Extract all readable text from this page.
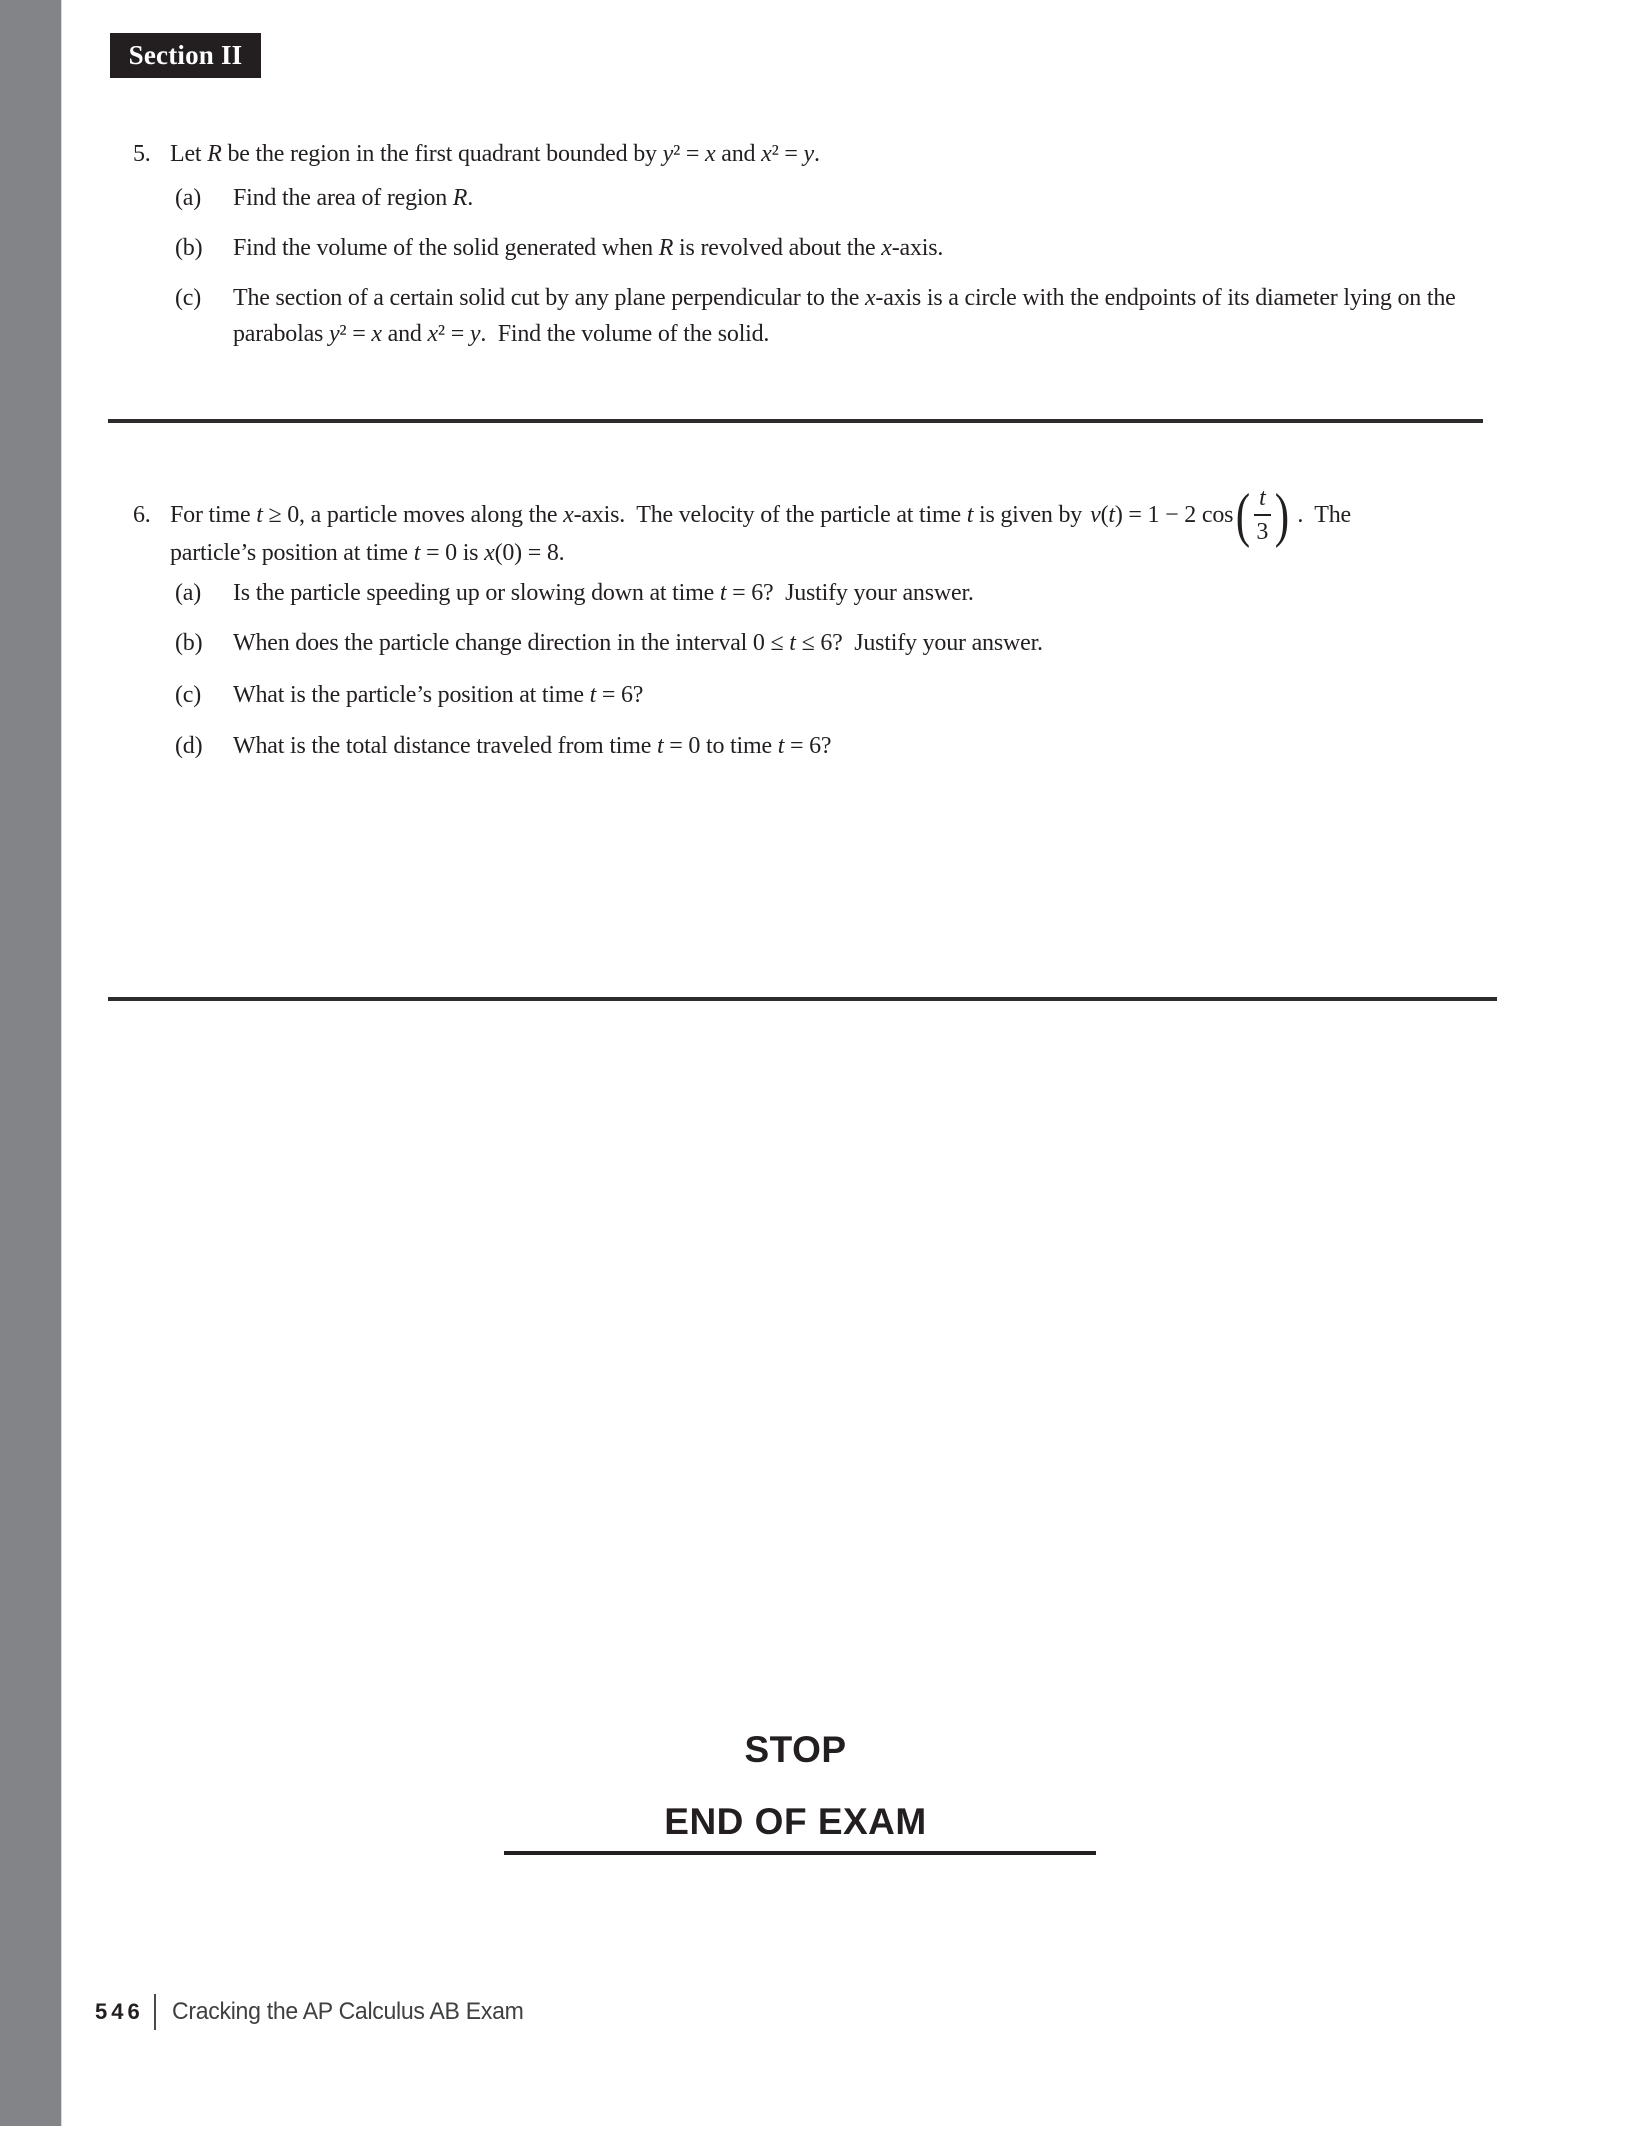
Section II
5. Let R be the region in the first quadrant bounded by y² = x and x² = y.
(a)	Find the area of region R.
(b)	Find the volume of the solid generated when R is revolved about the x-axis.
(c)	The section of a certain solid cut by any plane perpendicular to the x-axis is a circle with the endpoints of its diameter lying on the parabolas y² = x and x² = y.  Find the volume of the solid.
6. For time t ≥ 0, a particle moves along the x-axis.  The velocity of the particle at time t is given by v ( t ) = 1 − 2 cos ( $\frac{t}{3}$ ) .  The
particle’s position at time t = 0 is x(0) = 8.
(a)	Is the particle speeding up or slowing down at time t = 6?  Justify your answer.
(b)	When does the particle change direction in the interval 0 ≤ t ≤ 6?  Justify your answer.
(c)	What is the particle’s position at time t = 6?
(d)	What is the total distance traveled from time t = 0 to time t = 6?
STOP
END OF EXAM
546 Cracking the AP Calculus AB Exam
